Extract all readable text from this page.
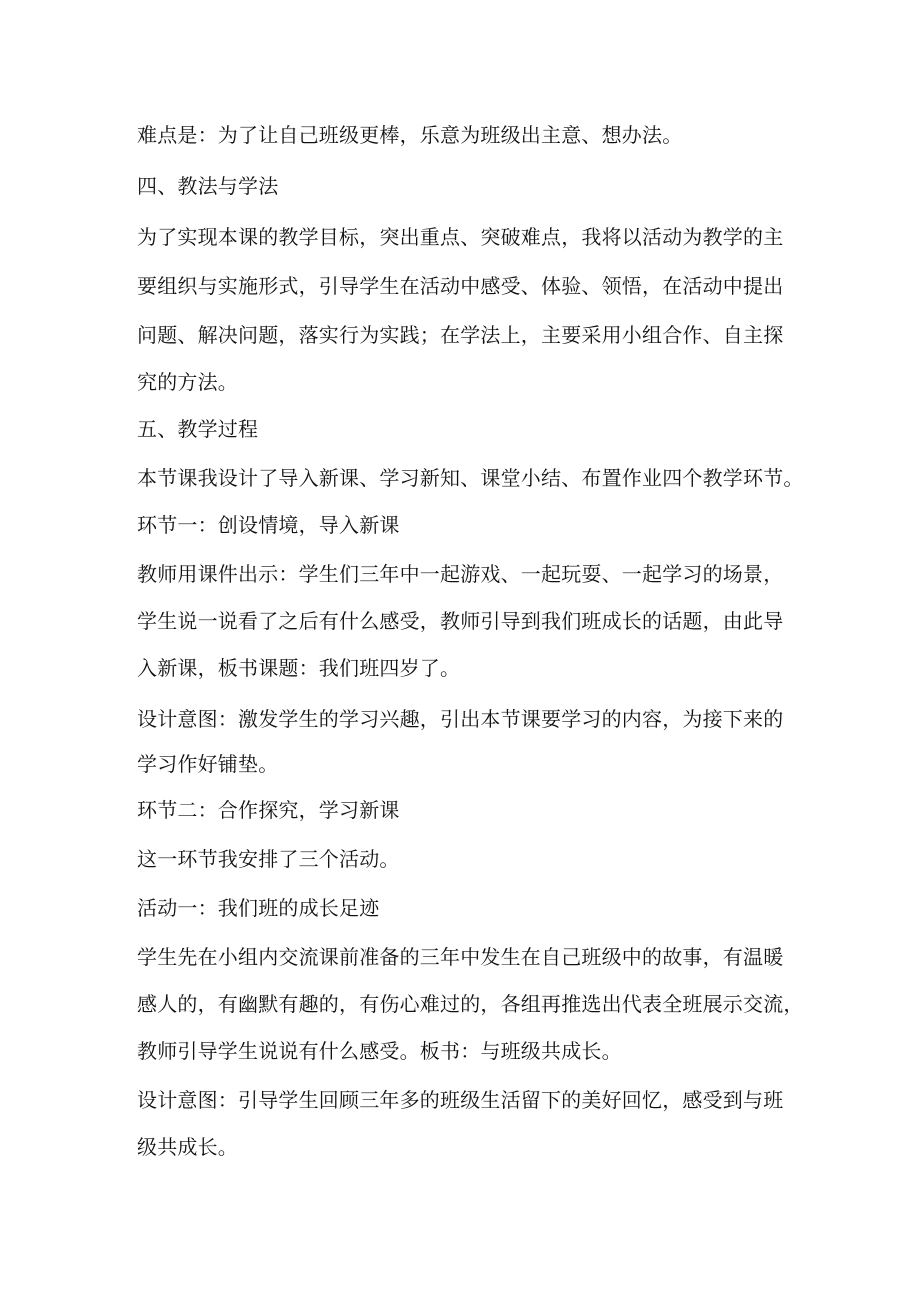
难点是：为了让自己班级更棒，乐意为班级出主意、想办法。
四、教法与学法
为了实现本课的教学目标，突出重点、突破难点，我将以活动为教学的主
要组织与实施形式，引导学生在活动中感受、体验、领悟，在活动中提出
问题、解决问题，落实行为实践；在学法上，主要采用小组合作、自主探
究的方法。
五、教学过程
本节课我设计了导入新课、学习新知、课堂小结、布置作业四个教学环节。
环节一：创设情境，导入新课
教师用课件出示：学生们三年中一起游戏、一起玩耍、一起学习的场景，
学生说一说看了之后有什么感受，教师引导到我们班成长的话题，由此导
入新课，板书课题：我们班四岁了。
设计意图：激发学生的学习兴趣，引出本节课要学习的内容，为接下来的
学习作好铺垫。
环节二：合作探究，学习新课
这一环节我安排了三个活动。
活动一：我们班的成长足迹
学生先在小组内交流课前准备的三年中发生在自己班级中的故事，有温暖
感人的，有幽默有趣的，有伤心难过的，各组再推选出代表全班展示交流，
教师引导学生说说有什么感受。板书：与班级共成长。
设计意图：引导学生回顾三年多的班级生活留下的美好回忆，感受到与班
级共成长。
